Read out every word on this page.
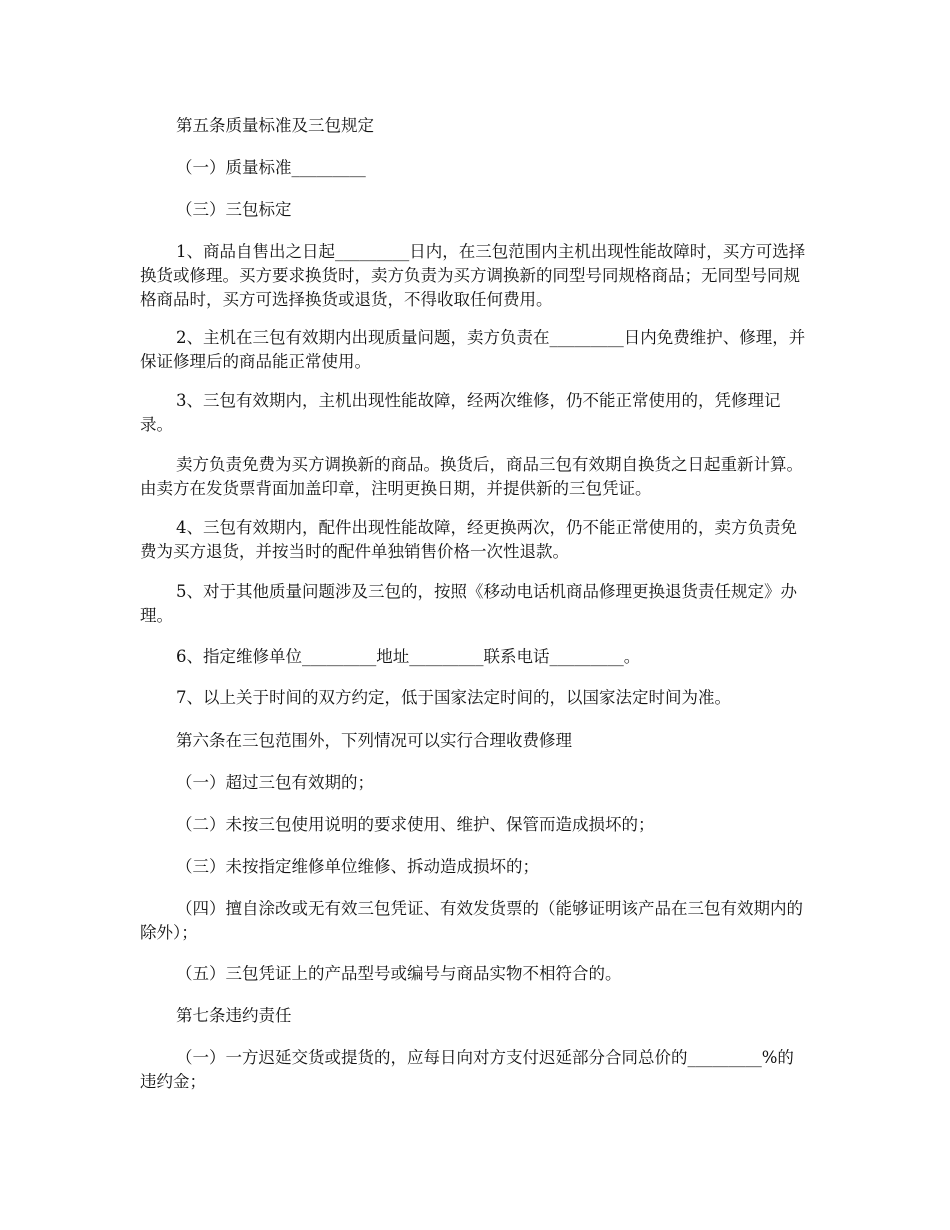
第五条质量标准及三包规定

（一）质量标准_________

（三）三包标定

1、商品自售出之日起_________日内，在三包范围内主机出现性能故障时，买方可选择换货或修理。买方要求换货时，卖方负责为买方调换新的同型号同规格商品；无同型号同规格商品时，买方可选择换货或退货，不得收取任何费用。

2、主机在三包有效期内出现质量问题，卖方负责在_________日内免费维护、修理，并保证修理后的商品能正常使用。

3、三包有效期内，主机出现性能故障，经两次维修，仍不能正常使用的，凭修理记录。

卖方负责免费为买方调换新的商品。换货后，商品三包有效期自换货之日起重新计算。由卖方在发货票背面加盖印章，注明更换日期，并提供新的三包凭证。

4、三包有效期内，配件出现性能故障，经更换两次，仍不能正常使用的，卖方负责免费为买方退货，并按当时的配件单独销售价格一次性退款。

5、对于其他质量问题涉及三包的，按照《移动电话机商品修理更换退货责任规定》办理。

6、指定维修单位_________地址_________联系电话_________。

7、以上关于时间的双方约定，低于国家法定时间的，以国家法定时间为准。

第六条在三包范围外，下列情况可以实行合理收费修理

（一）超过三包有效期的；

（二）未按三包使用说明的要求使用、维护、保管而造成损坏的；

（三）未按指定维修单位维修、拆动造成损坏的；

（四）擅自涂改或无有效三包凭证、有效发货票的（能够证明该产品在三包有效期内的除外）；

（五）三包凭证上的产品型号或编号与商品实物不相符合的。

第七条违约责任

（一）一方迟延交货或提货的，应每日向对方支付迟延部分合同总价的_________%的违约金；
